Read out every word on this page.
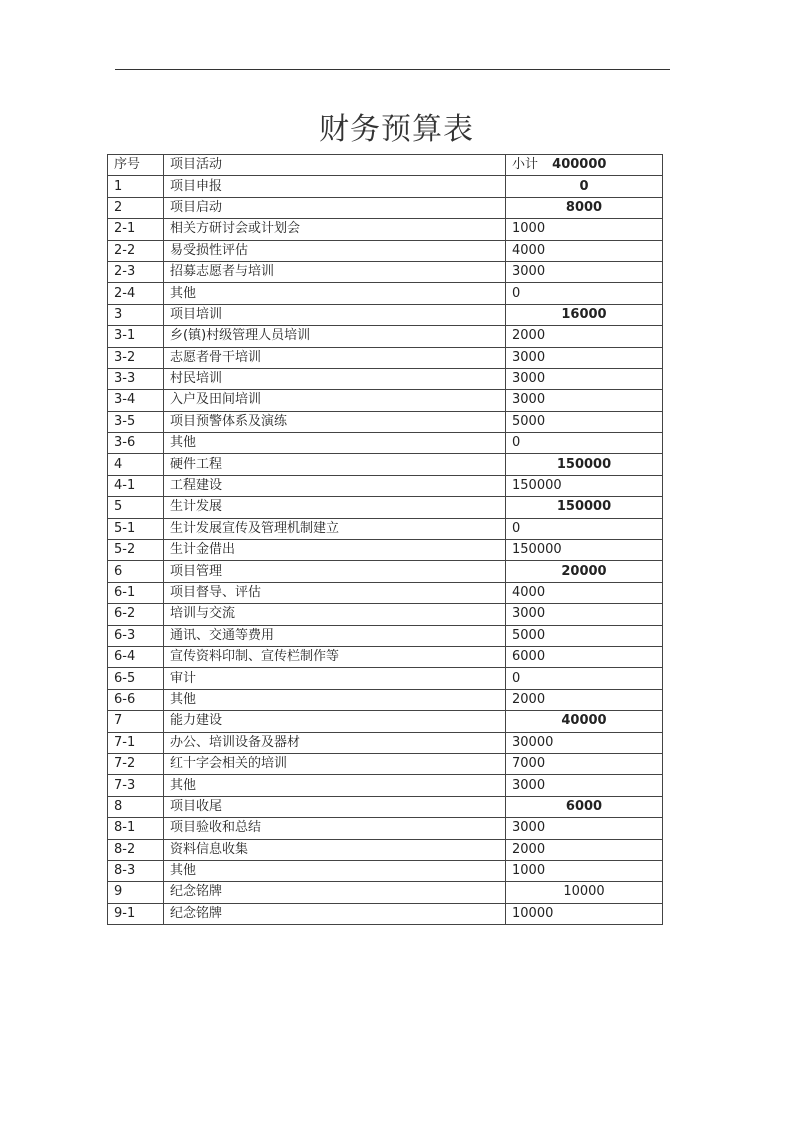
财务预算表
序号	项目活动	小计 400000
1	项目申报	0
2	项目启动	8000
2-1	相关方研讨会或计划会	1000
2-2	易受损性评估	4000
2-3	招募志愿者与培训	3000
2-4	其他	0
3	项目培训	16000
3-1	乡(镇)村级管理人员培训	2000
3-2	志愿者骨干培训	3000
3-3	村民培训	3000
3-4	入户及田间培训	3000
3-5	项目预警体系及演练	5000
3-6	其他	0
4	硬件工程	150000
4-1	工程建设	150000
5	生计发展	150000
5-1	生计发展宣传及管理机制建立	0
5-2	生计金借出	150000
6	项目管理	20000
6-1	项目督导、评估	4000
6-2	培训与交流	3000
6-3	通讯、交通等费用	5000
6-4	宣传资料印制、宣传栏制作等	6000
6-5	审计	0
6-6	其他	2000
7	能力建设	40000
7-1	办公、培训设备及器材	30000
7-2	红十字会相关的培训	7000
7-3	其他	3000
8	项目收尾	6000
8-1	项目验收和总结	3000
8-2	资料信息收集	2000
8-3	其他	1000
9	纪念铭牌	10000
9-1	纪念铭牌	10000
